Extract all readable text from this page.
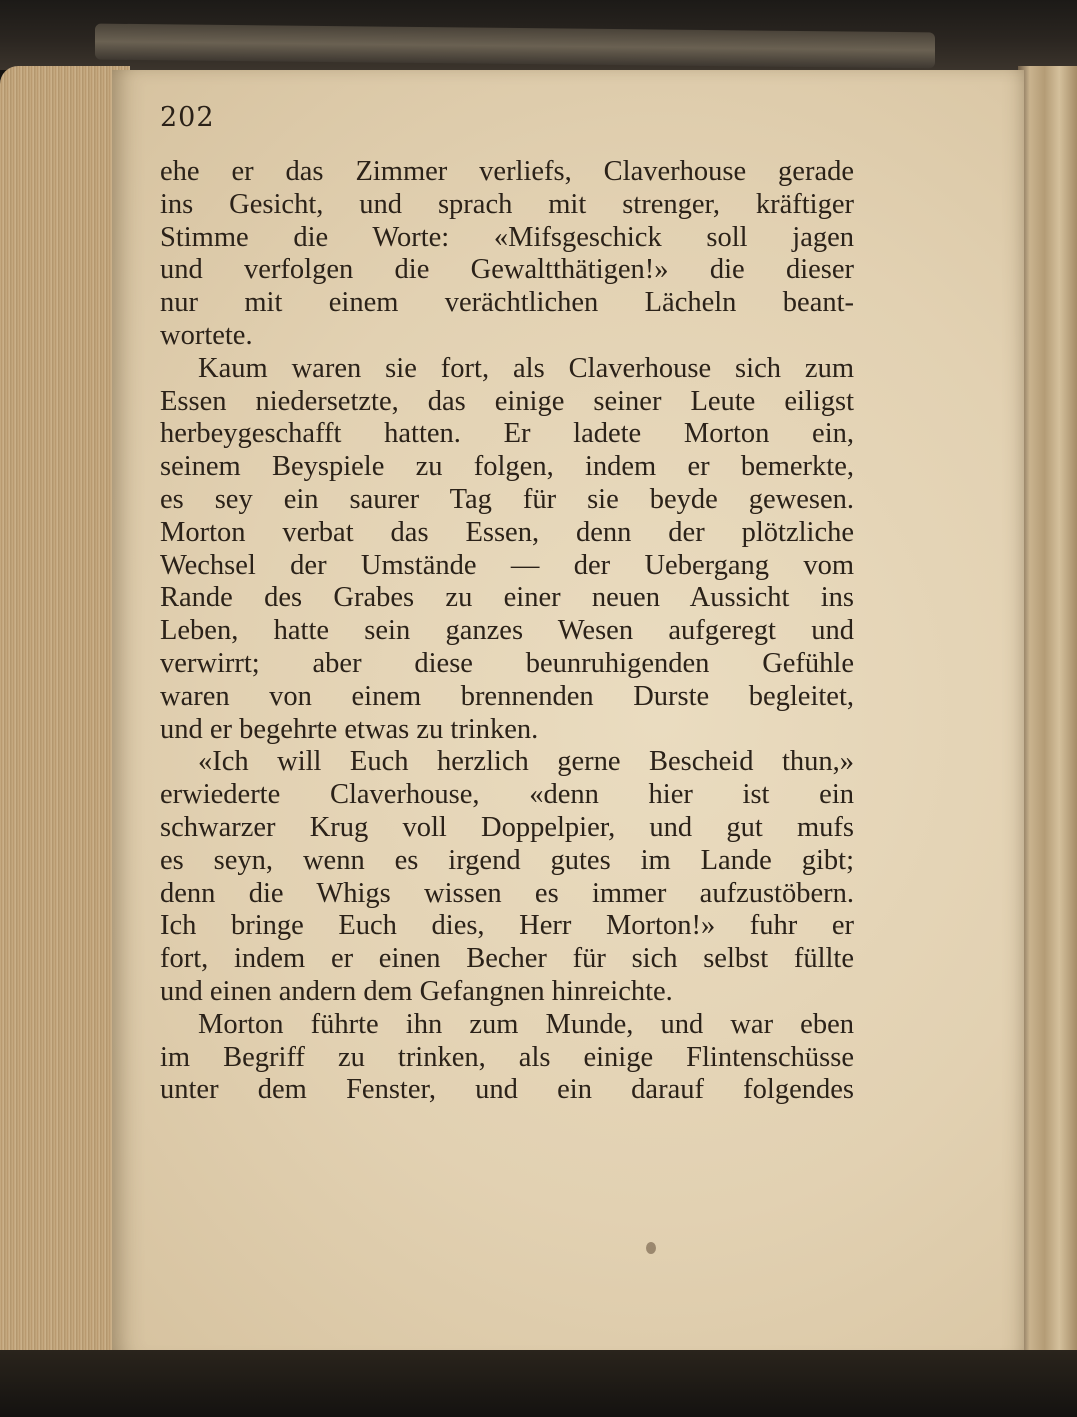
202
ehe er das Zimmer verliefs, Claverhouse gerade
ins Gesicht, und sprach mit strenger, kräftiger
Stimme die Worte: «Mifsgeschick soll jagen
und verfolgen die Gewaltthätigen!» die dieser
nur mit einem verächtlichen Lächeln beant-
wortete.
Kaum waren sie fort, als Claverhouse sich zum
Essen niedersetzte, das einige seiner Leute eiligst
herbeygeschafft hatten. Er ladete Morton ein,
seinem Beyspiele zu folgen, indem er bemerkte,
es sey ein saurer Tag für sie beyde gewesen.
Morton verbat das Essen, denn der plötzliche
Wechsel der Umstände — der Uebergang vom
Rande des Grabes zu einer neuen Aussicht ins
Leben, hatte sein ganzes Wesen aufgeregt und
verwirrt; aber diese beunruhigenden Gefühle
waren von einem brennenden Durste begleitet,
und er begehrte etwas zu trinken.
«Ich will Euch herzlich gerne Bescheid thun,»
erwiederte Claverhouse, «denn hier ist ein
schwarzer Krug voll Doppelpier, und gut mufs
es seyn, wenn es irgend gutes im Lande gibt;
denn die Whigs wissen es immer aufzustöbern.
Ich bringe Euch dies, Herr Morton!» fuhr er
fort, indem er einen Becher für sich selbst füllte
und einen andern dem Gefangnen hinreichte.
Morton führte ihn zum Munde, und war eben
im Begriff zu trinken, als einige Flintenschüsse
unter dem Fenster, und ein darauf folgendes
